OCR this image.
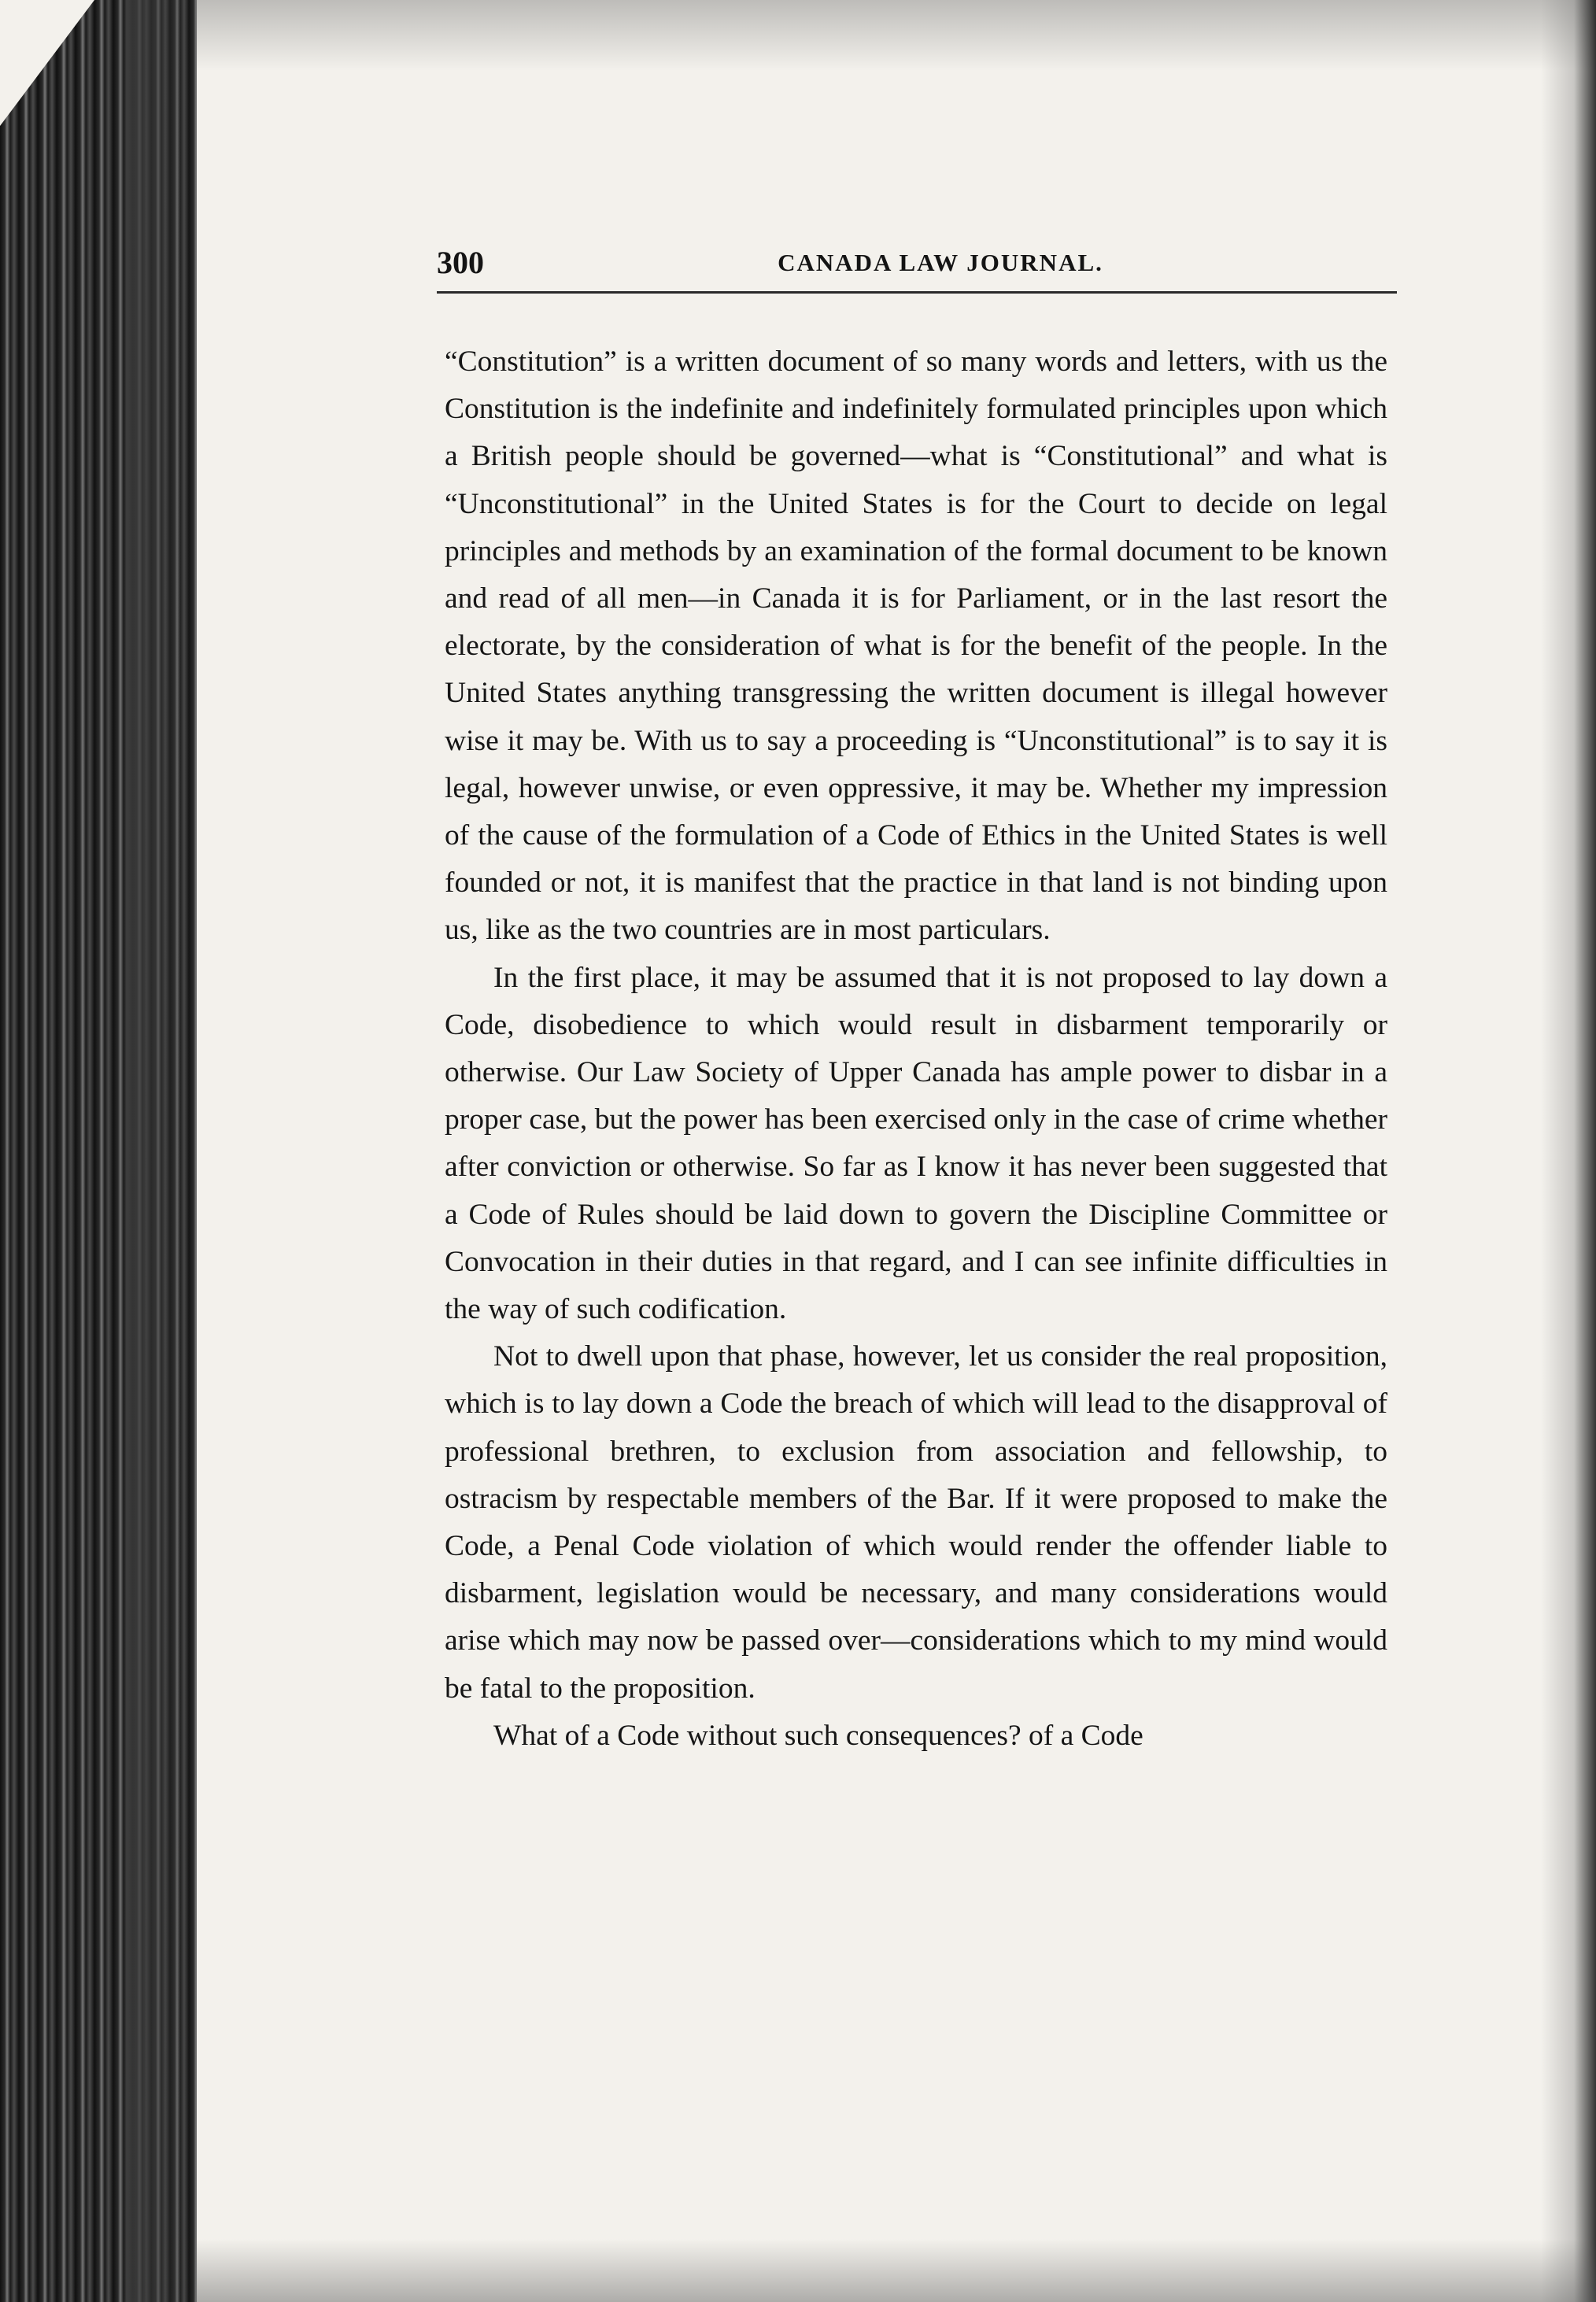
300	CANADA LAW JOURNAL.

“Constitution” is a written document of so many words and letters, with us the Constitution is the indefinite and indefinitely formulated principles upon which a British people should be governed—what is “Constitutional” and what is “Unconstitutional” in the United States is for the Court to decide on legal principles and methods by an examination of the formal document to be known and read of all men—in Canada it is for Parliament, or in the last resort the electorate, by the consideration of what is for the benefit of the people. In the United States anything transgressing the written document is illegal however wise it may be. With us to say a proceeding is “Unconstitutional” is to say it is legal, however unwise, or even oppressive, it may be. Whether my impression of the cause of the formulation of a Code of Ethics in the United States is well founded or not, it is manifest that the practice in that land is not binding upon us, like as the two countries are in most particulars.

In the first place, it may be assumed that it is not proposed to lay down a Code, disobedience to which would result in disbarment temporarily or otherwise. Our Law Society of Upper Canada has ample power to disbar in a proper case, but the power has been exercised only in the case of crime whether after conviction or otherwise. So far as I know it has never been suggested that a Code of Rules should be laid down to govern the Discipline Committee or Convocation in their duties in that regard, and I can see infinite difficulties in the way of such codification.

Not to dwell upon that phase, however, let us consider the real proposition, which is to lay down a Code the breach of which will lead to the disapproval of professional brethren, to exclusion from association and fellowship, to ostracism by respectable members of the Bar. If it were proposed to make the Code, a Penal Code violation of which would render the offender liable to disbarment, legislation would be necessary, and many considerations would arise which may now be passed over—considerations which to my mind would be fatal to the proposition.

What of a Code without such consequences? of a Code
